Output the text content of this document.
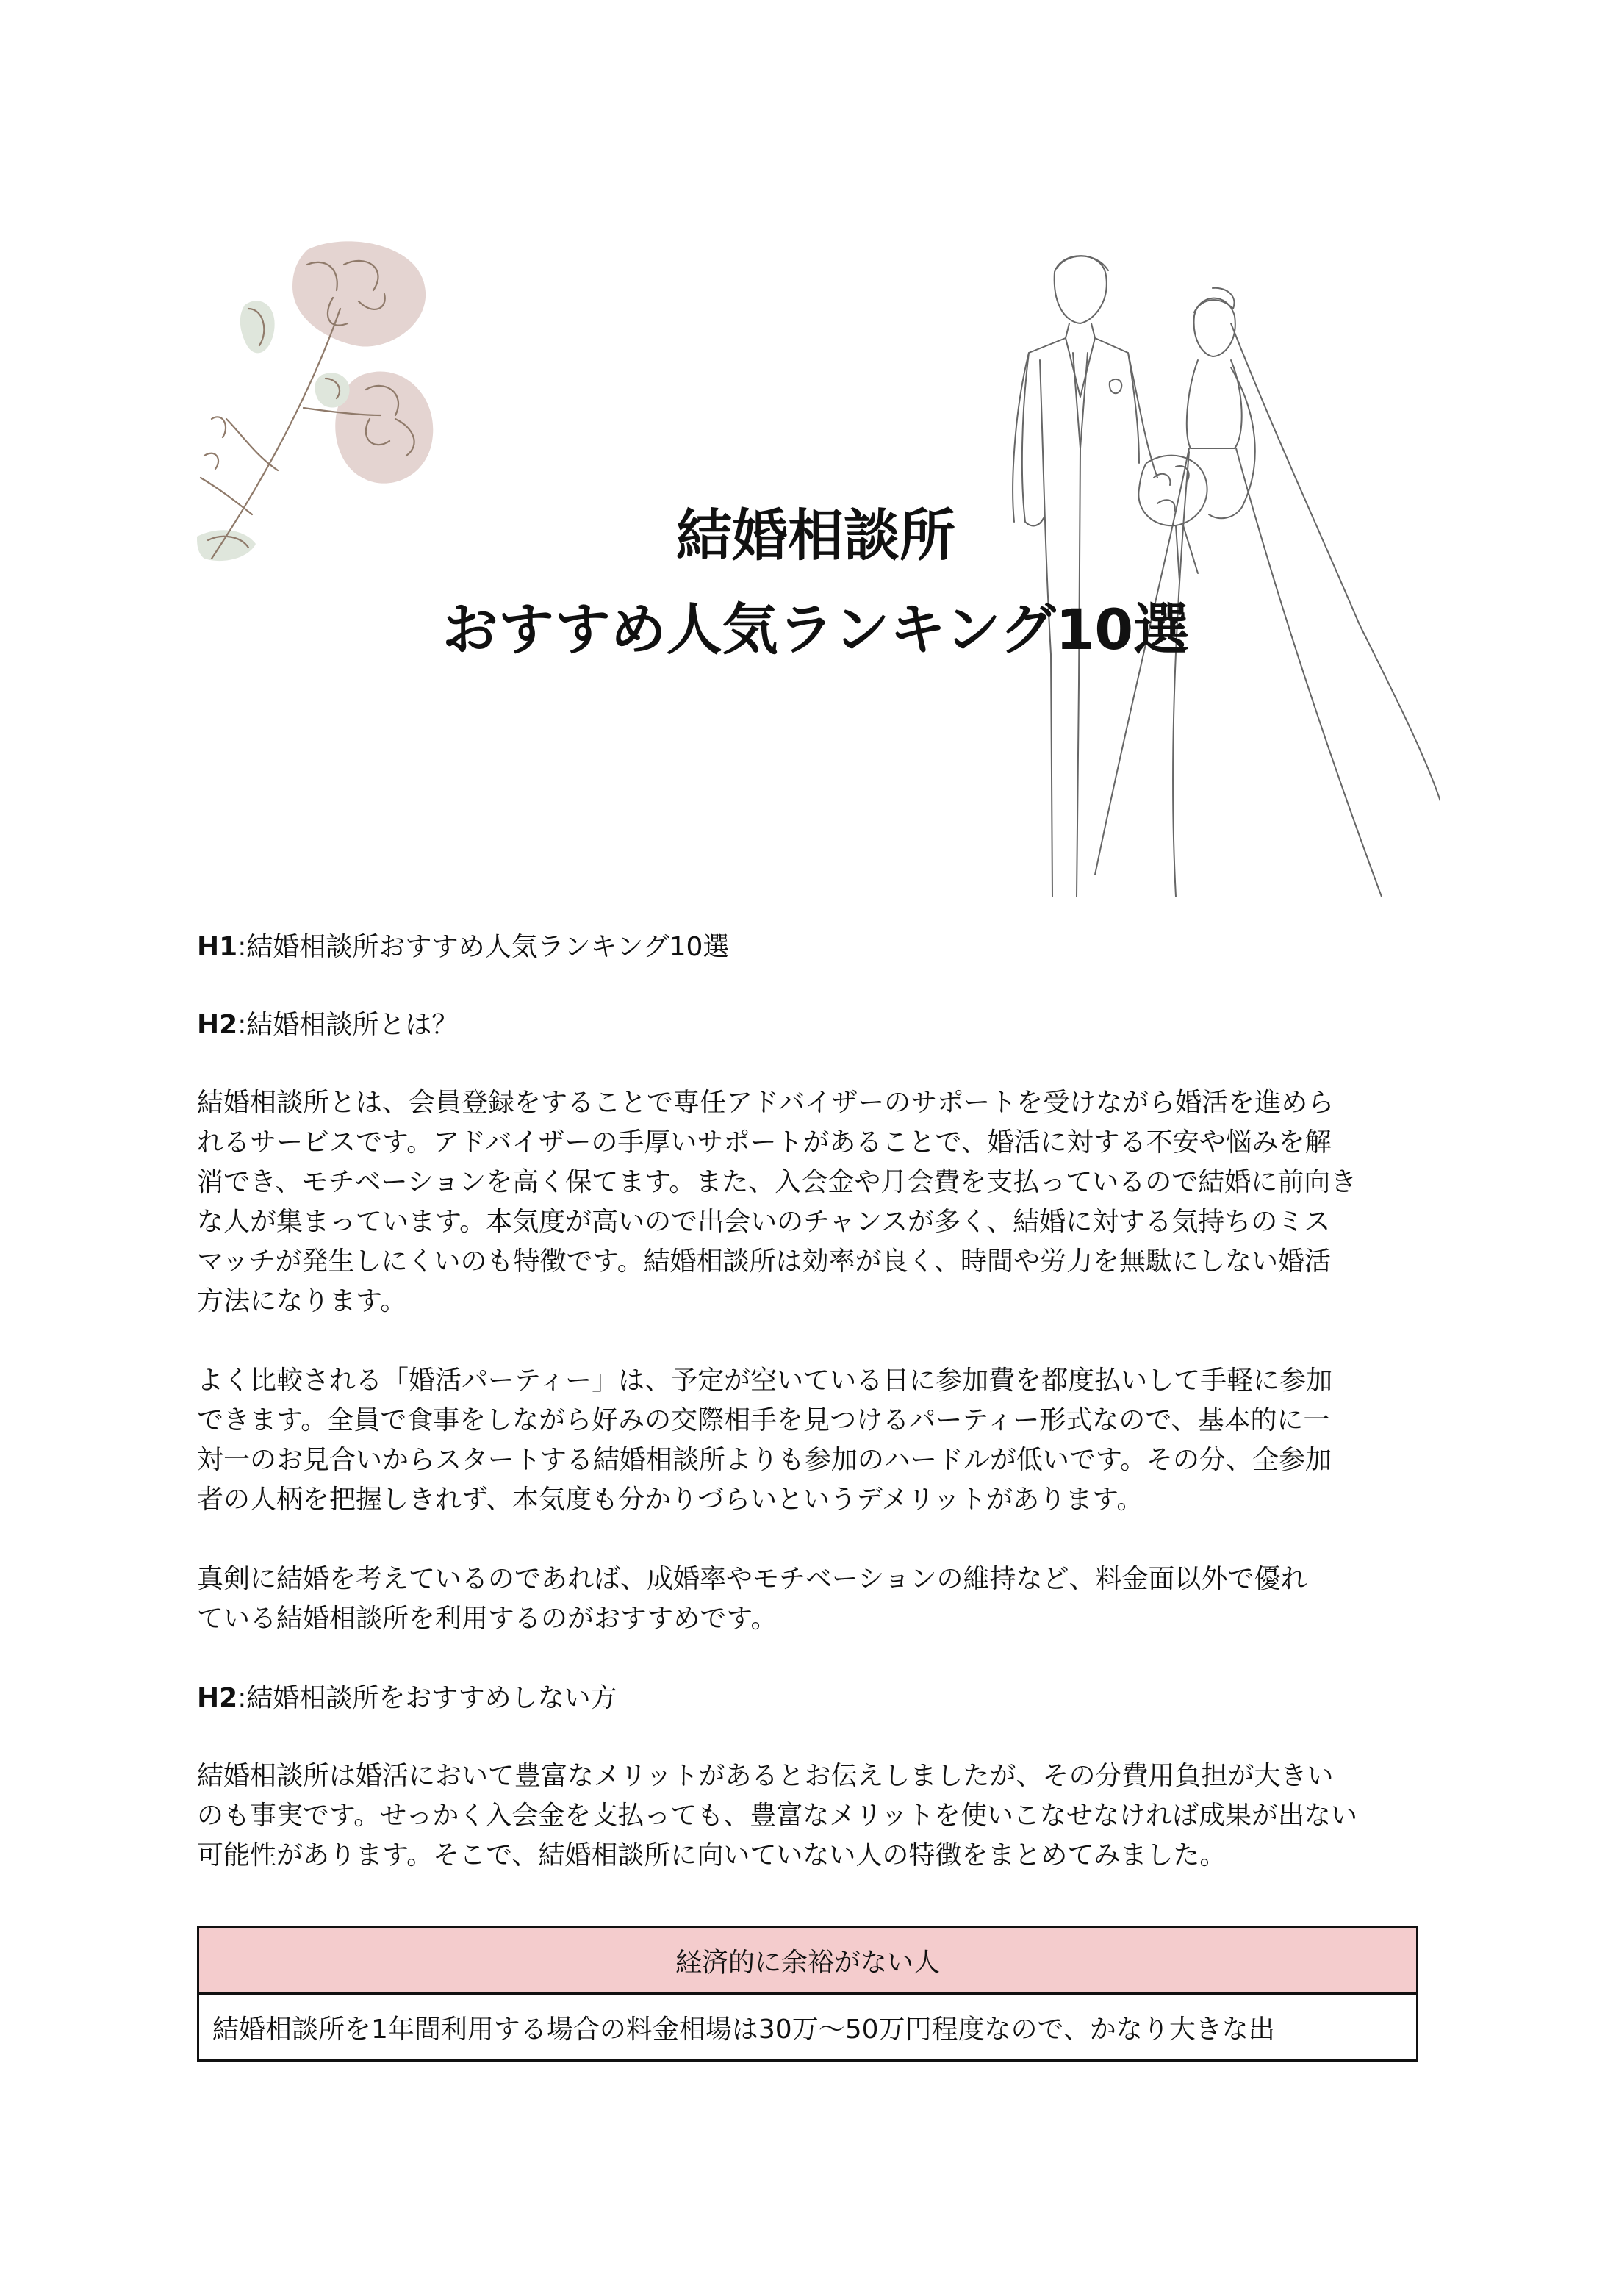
結婚相談所
おすすめ人気ランキング10選

H1:結婚相談所おすすめ人気ランキング10選

H2:結婚相談所とは？

結婚相談所とは、会員登録をすることで専任アドバイザーのサポートを受けながら婚活を進めら
れるサービスです。アドバイザーの手厚いサポートがあることで、婚活に対する不安や悩みを解
消でき、モチベーションを高く保てます。また、入会金や月会費を支払っているので結婚に前向き
な人が集まっています。本気度が高いので出会いのチャンスが多く、結婚に対する気持ちのミス
マッチが発生しにくいのも特徴です。結婚相談所は効率が良く、時間や労力を無駄にしない婚活
方法になります。

よく比較される「婚活パーティー」は、予定が空いている日に参加費を都度払いして手軽に参加
できます。全員で食事をしながら好みの交際相手を見つけるパーティー形式なので、基本的に一
対一のお見合いからスタートする結婚相談所よりも参加のハードルが低いです。その分、全参加
者の人柄を把握しきれず、本気度も分かりづらいというデメリットがあります。

真剣に結婚を考えているのであれば、成婚率やモチベーションの維持など、料金面以外で優れ
ている結婚相談所を利用するのがおすすめです。

H2:結婚相談所をおすすめしない方

結婚相談所は婚活において豊富なメリットがあるとお伝えしましたが、その分費用負担が大きい
のも事実です。せっかく入会金を支払っても、豊富なメリットを使いこなせなければ成果が出ない
可能性があります。そこで、結婚相談所に向いていない人の特徴をまとめてみました。

経済的に余裕がない人
結婚相談所を1年間利用する場合の料金相場は30万〜50万円程度なので、かなり大きな出
